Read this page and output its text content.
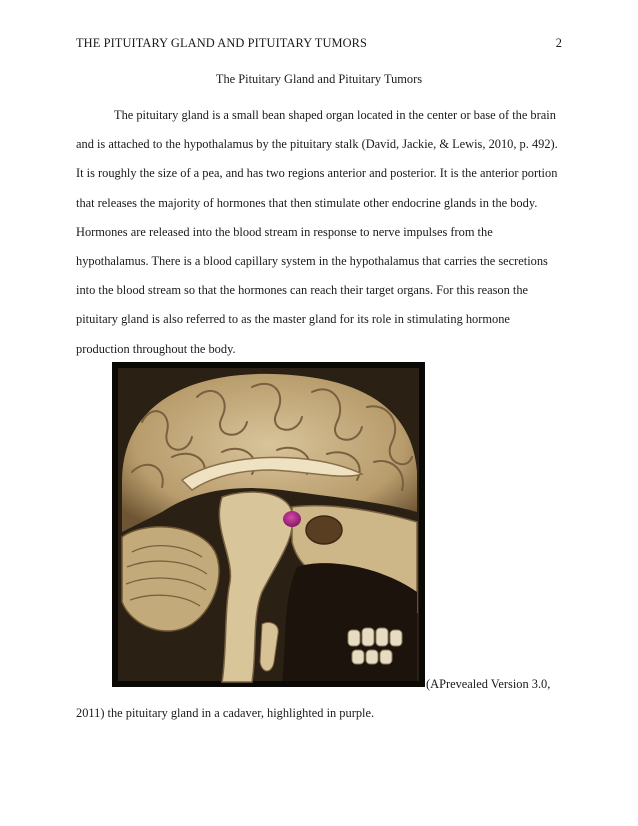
THE PITUITARY GLAND AND PITUITARY TUMORS	2
The Pituitary Gland and Pituitary Tumors
The pituitary gland is a small bean shaped organ located in the center or base of the brain
and is attached to the hypothalamus by the pituitary stalk (David, Jackie, & Lewis, 2010, p. 492).
It is roughly the size of a pea, and has two regions anterior and posterior. It is the anterior portion
that releases the majority of hormones that then stimulate other endocrine glands in the body.
Hormones are released into the blood stream in response to nerve impulses from the
hypothalamus. There is a blood capillary system in the hypothalamus that carries the secretions
into the blood stream so that the hormones can reach their target organs. For this reason the
pituitary gland is also referred to as the master gland for its role in stimulating hormone
production throughout the body.
(APrevealed Version 3.0,
2011) the pituitary gland in a cadaver, highlighted in purple.
